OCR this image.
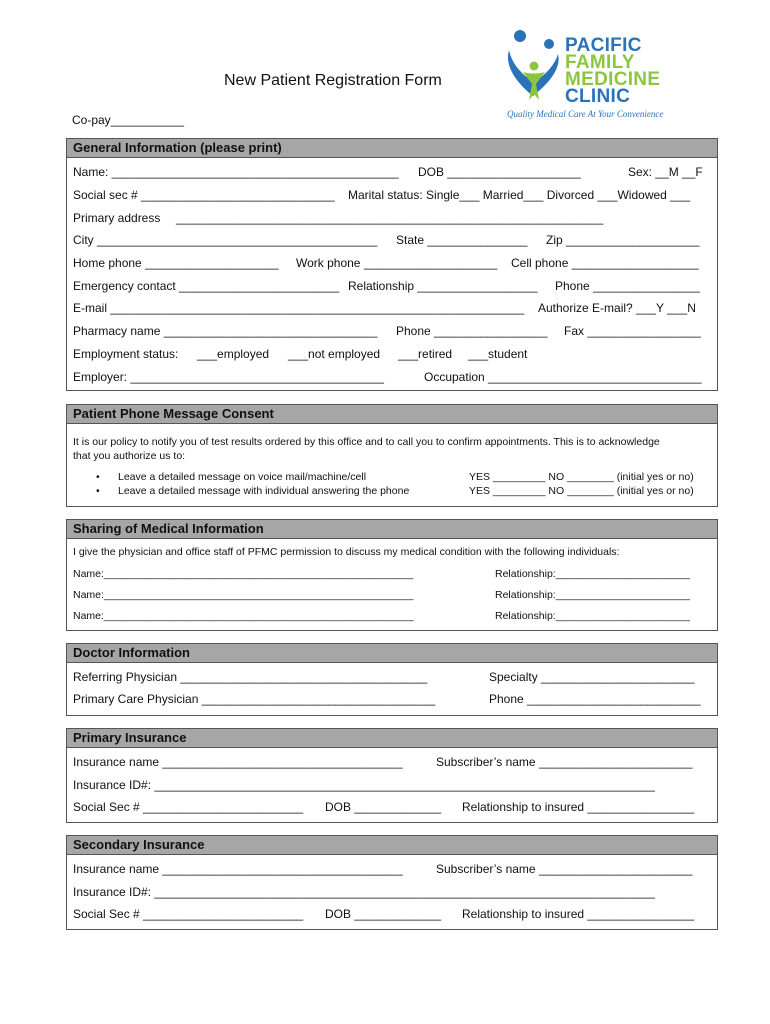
New Patient Registration Form
Co-pay___________
PACIFIC
FAMILY
MEDICINE
CLINIC
Quality Medical Care At Your Convenience
General Information (please print)
Name: ___________________________________________ DOB ____________________	Sex: __M __F
Social sec # _____________________________ Marital status: Single___ Married___ Divorced ___Widowed ___
Primary address ________________________________________________________________
City __________________________________________ State _______________ Zip ____________________
Home phone ____________________ Work phone ____________________ Cell phone ___________________
Emergency contact ________________________ Relationship __________________ Phone ________________
E-mail ______________________________________________________________ Authorize E-mail? ___Y ___N
Pharmacy name ________________________________ Phone _________________ Fax _________________
Employment status: ___employed ___not employed ___retired ___student
Employer: ______________________________________	Occupation ________________________________
Patient Phone Message Consent
It is our policy to notify you of test results ordered by this office and to call you to confirm appointments. This is to acknowledge
that you authorize us to:
• Leave a detailed message on voice mail/machine/cell	YES _________ NO ________ (initial yes or no)
• Leave a detailed message with individual answering the phone	YES _________ NO ________ (initial yes or no)
Sharing of Medical Information
I give the physician and office staff of PFMC permission to discuss my medical condition with the following individuals:
Name:_____________________________________________________	Relationship:_______________________
Name:_____________________________________________________	Relationship:_______________________
Name:_____________________________________________________	Relationship:_______________________
Doctor Information
Referring Physician _____________________________________	Specialty _______________________
Primary Care Physician ___________________________________	Phone __________________________
Primary Insurance
Insurance name ____________________________________	Subscriber’s name _______________________
Insurance ID#: ___________________________________________________________________________
Social Sec # ________________________ DOB _____________ Relationship to insured ________________
Secondary Insurance
Insurance name ____________________________________	Subscriber’s name _______________________
Insurance ID#: ___________________________________________________________________________
Social Sec # ________________________ DOB _____________ Relationship to insured ________________
